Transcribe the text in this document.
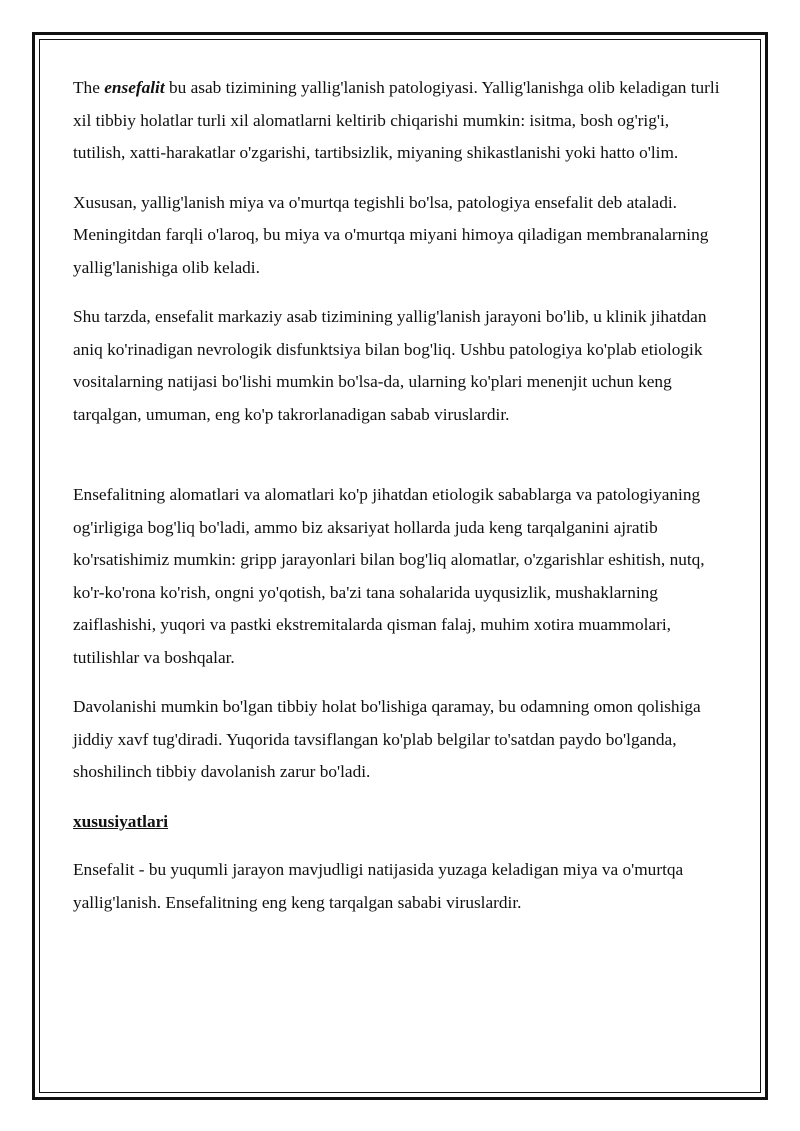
The ensefalit bu asab tizimining yallig'lanish patologiyasi. Yallig'lanishga olib keladigan turli xil tibbiy holatlar turli xil alomatlarni keltirib chiqarishi mumkin: isitma, bosh og'rig'i, tutilish, xatti-harakatlar o'zgarishi, tartibsizlik, miyaning shikastlanishi yoki hatto o'lim.

Xususan, yallig'lanish miya va o'murtqa tegishli bo'lsa, patologiya ensefalit deb ataladi. Meningitdan farqli o'laroq, bu miya va o'murtqa miyani himoya qiladigan membranalarning yallig'lanishiga olib keladi.

Shu tarzda, ensefalit markaziy asab tizimining yallig'lanish jarayoni bo'lib, u klinik jihatdan aniq ko'rinadigan nevrologik disfunktsiya bilan bog'liq. Ushbu patologiya ko'plab etiologik vositalarning natijasi bo'lishi mumkin bo'lsa-da, ularning ko'plari menenjit uchun keng tarqalgan, umuman, eng ko'p takrorlanadigan sabab viruslardir.

Ensefalitning alomatlari va alomatlari ko'p jihatdan etiologik sabablarga va patologiyaning og'irligiga bog'liq bo'ladi, ammo biz aksariyat hollarda juda keng tarqalganini ajratib ko'rsatishimiz mumkin: gripp jarayonlari bilan bog'liq alomatlar, o'zgarishlar eshitish, nutq, ko'r-ko'rona ko'rish, ongni yo'qotish, ba'zi tana sohalarida uyqusizlik, mushaklarning zaiflashishi, yuqori va pastki ekstremitalarda qisman falaj, muhim xotira muammolari, tutilishlar va boshqalar.

Davolanishi mumkin bo'lgan tibbiy holat bo'lishiga qaramay, bu odamning omon qolishiga jiddiy xavf tug'diradi. Yuqorida tavsiflangan ko'plab belgilar to'satdan paydo bo'lganda, shoshilinch tibbiy davolanish zarur bo'ladi.

xususiyatlari

Ensefalit - bu yuqumli jarayon mavjudligi natijasida yuzaga keladigan miya va o'murtqa yallig'lanish. Ensefalitning eng keng tarqalgan sababi viruslardir.
